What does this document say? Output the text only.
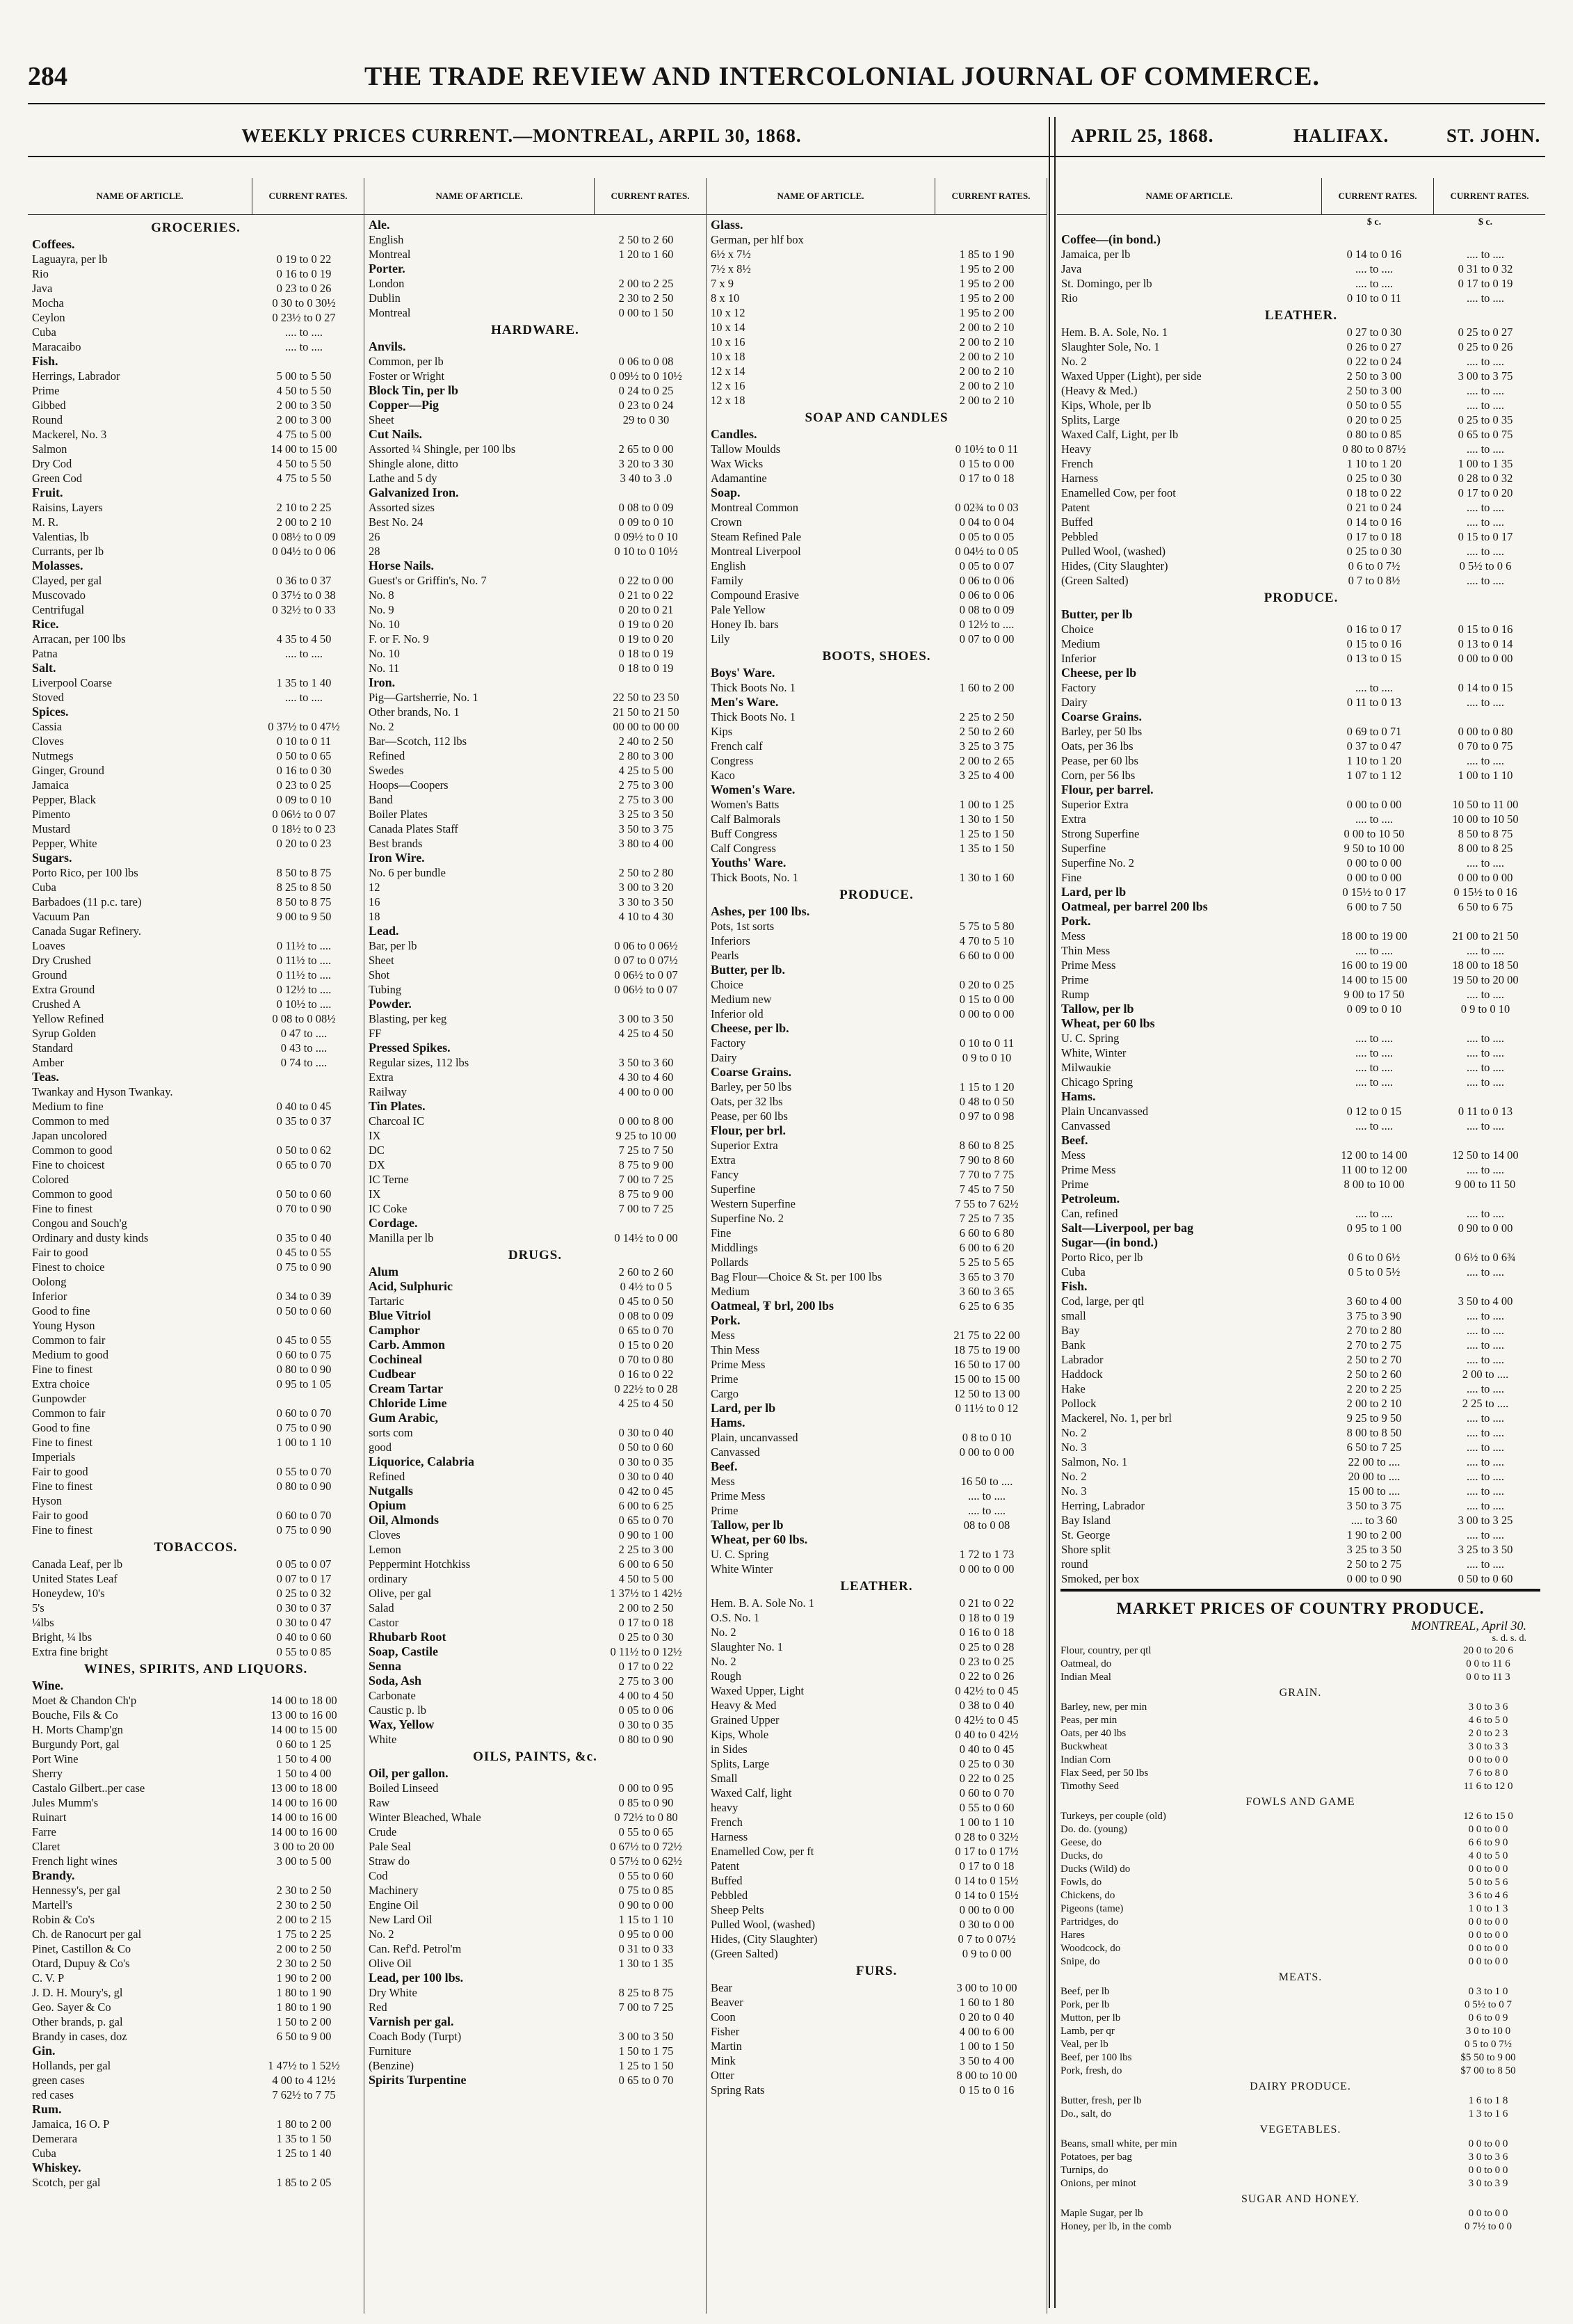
284	THE TRADE REVIEW AND INTERCOLONIAL JOURNAL OF COMMERCE.
WEEKLY PRICES CURRENT.—MONTREAL, ARPIL 30, 1868.	APRIL 25, 1868.	HALIFAX.	ST. JOHN.
NAME OF ARTICLE.	CURRENT RATES.
GROCERIES.
Coffees.
Laguayra, per lb	0 19 to 0 22
Rio	0 16 to 0 19
Java	0 23 to 0 26
Mocha	0 30 to 0 30½
Ceylon	0 23½ to 0 27
Cuba	.... to ....
Maracaibo	.... to ....
Fish.
Herrings, Labrador	5 00 to 5 50
Prime	4 50 to 5 50
Gibbed	2 00 to 3 50
Round	2 00 to 3 00
Mackerel, No. 3	4 75 to 5 00
Salmon	14 00 to 15 00
Dry Cod	4 50 to 5 50
Green Cod	4 75 to 5 50
Fruit.
Raisins, Layers	2 10 to 2 25
M. R.	2 00 to 2 10
Valentias, lb	0 08½ to 0 09
Currants, per lb	0 04½ to 0 06
Molasses.
Clayed, per gal	0 36 to 0 37
Muscovado	0 37½ to 0 38
Centrifugal	0 32½ to 0 33
Rice.
Arracan, per 100 lbs	4 35 to 4 50
Patna	.... to ....
Salt.
Liverpool Coarse	1 35 to 1 40
Stoved	.... to ....
Spices.
Cassia	0 37½ to 0 47½
Cloves	0 10 to 0 11
Nutmegs	0 50 to 0 65
Ginger, Ground	0 16 to 0 30
Jamaica	0 23 to 0 25
Pepper, Black	0 09 to 0 10
Pimento	0 06½ to 0 07
Mustard	0 18½ to 0 23
Pepper, White	0 20 to 0 23
Sugars.
Porto Rico, per 100 lbs	8 50 to 8 75
Cuba	8 25 to 8 50
Barbadoes (11 p.c. tare)	8 50 to 8 75
Vacuum Pan	9 00 to 9 50
Canada Sugar Refinery.
Loaves	0 11½ to ....
Dry Crushed	0 11½ to ....
Ground	0 11½ to ....
Extra Ground	0 12½ to ....
Crushed A	0 10½ to ....
Yellow Refined	0 08 to 0 08½
Syrup Golden	0 47 to ....
Standard	0 43 to ....
Amber	0 74 to ....
Teas.
Twankay and Hyson Twankay.
Medium to fine	0 40 to 0 45
Common to med	0 35 to 0 37
Japan uncolored
Common to good	0 50 to 0 62
Fine to choicest	0 65 to 0 70
Colored
Common to good	0 50 to 0 60
Fine to finest	0 70 to 0 90
Congou and Souch'g
Ordinary and dusty kinds	0 35 to 0 40
Fair to good	0 45 to 0 55
Finest to choice	0 75 to 0 90
Oolong
Inferior	0 34 to 0 39
Good to fine	0 50 to 0 60
Young Hyson
Common to fair	0 45 to 0 55
Medium to good	0 60 to 0 75
Fine to finest	0 80 to 0 90
Extra choice	0 95 to 1 05
Gunpowder
Common to fair	0 60 to 0 70
Good to fine	0 75 to 0 90
Fine to finest	1 00 to 1 10
Imperials
Fair to good	0 55 to 0 70
Fine to finest	0 80 to 0 90
Hyson
Fair to good	0 60 to 0 70
Fine to finest	0 75 to 0 90
TOBACCOS.
Canada Leaf, per lb	0 05 to 0 07
United States Leaf	0 07 to 0 17
Honeydew, 10's	0 25 to 0 32
5's	0 30 to 0 37
¼lbs	0 30 to 0 47
Bright, ¼ lbs	0 40 to 0 60
Extra fine bright	0 55 to 0 85
WINES, SPIRITS, AND LIQUORS.
Wine.
Moet & Chandon Ch'p	14 00 to 18 00
Bouche, Fils & Co	13 00 to 16 00
H. Morts Champ'gn	14 00 to 15 00
Burgundy Port, gal	0 60 to 1 25
Port Wine	1 50 to 4 00
Sherry	1 50 to 4 00
Castalo Gilbert..per case	13 00 to 18 00
Jules Mumm's	14 00 to 16 00
Ruinart	14 00 to 16 00
Farre	14 00 to 16 00
Claret	3 00 to 20 00
French light wines	3 00 to 5 00
Brandy.
Hennessy's, per gal	2 30 to 2 50
Martell's	2 30 to 2 50
Robin & Co's	2 00 to 2 15
Ch. de Ranocurt per gal	1 75 to 2 25
Pinet, Castillon & Co	2 00 to 2 50
Otard, Dupuy & Co's	2 30 to 2 50
C. V. P	1 90 to 2 00
J. D. H. Moury's, gl	1 80 to 1 90
Geo. Sayer & Co	1 80 to 1 90
Other brands, p. gal	1 50 to 2 00
Brandy in cases, doz	6 50 to 9 00
Gin.
Hollands, per gal	1 47½ to 1 52½
green cases	4 00 to 4 12½
red cases	7 62½ to 7 75
Rum.
Jamaica, 16 O. P	1 80 to 2 00
Demerara	1 35 to 1 50
Cuba	1 25 to 1 40
Whiskey.
Scotch, per gal	1 85 to 2 05
NAME OF ARTICLE.	CURRENT RATES.
Ale.
English	2 50 to 2 60
Montreal	1 20 to 1 60
Porter.
London	2 00 to 2 25
Dublin	2 30 to 2 50
Montreal	0 00 to 1 50
HARDWARE.
Anvils.
Common, per lb	0 06 to 0 08
Foster or Wright	0 09½ to 0 10½
Block Tin, per lb	0 24 to 0 25
Copper—Pig	0 23 to 0 24
Sheet	29 to 0 30
Cut Nails.
Assorted ¼ Shingle, per 100 lbs	2 65 to 0 00
Shingle alone, ditto	3 20 to 3 30
Lathe and 5 dy	3 40 to 3 .0
Galvanized Iron.
Assorted sizes	0 08 to 0 09
Best No. 24	0 09 to 0 10
26	0 09½ to 0 10
28	0 10 to 0 10½
Horse Nails.
Guest's or Griffin's, No. 7	0 22 to 0 00
No. 8	0 21 to 0 22
No. 9	0 20 to 0 21
No. 10	0 19 to 0 20
F. or F. No. 9	0 19 to 0 20
No. 10	0 18 to 0 19
No. 11	0 18 to 0 19
Iron.
Pig—Gartsherrie, No. 1	22 50 to 23 50
Other brands, No. 1	21 50 to 21 50
No. 2	00 00 to 00 00
Bar—Scotch, 112 lbs	2 40 to 2 50
Refined	2 80 to 3 00
Swedes	4 25 to 5 00
Hoops—Coopers	2 75 to 3 00
Band	2 75 to 3 00
Boiler Plates	3 25 to 3 50
Canada Plates Staff	3 50 to 3 75
Best brands	3 80 to 4 00
Iron Wire.
No. 6 per bundle	2 50 to 2 80
12	3 00 to 3 20
16	3 30 to 3 50
18	4 10 to 4 30
Lead.
Bar, per lb	0 06 to 0 06½
Sheet	0 07 to 0 07½
Shot	0 06½ to 0 07
Tubing	0 06½ to 0 07
Powder.
Blasting, per keg	3 00 to 3 50
FF	4 25 to 4 50
Pressed Spikes.
Regular sizes, 112 lbs	3 50 to 3 60
Extra	4 30 to 4 60
Railway	4 00 to 0 00
Tin Plates.
Charcoal IC	0 00 to 8 00
IX	9 25 to 10 00
DC	7 25 to 7 50
DX	8 75 to 9 00
IC Terne	7 00 to 7 25
IX	8 75 to 9 00
IC Coke	7 00 to 7 25
Cordage.
Manilla per lb	0 14½ to 0 00
DRUGS.
Alum	2 60 to 2 60
Acid, Sulphuric	0 4½ to 0 5
Tartaric	0 45 to 0 50
Blue Vitriol	0 08 to 0 09
Camphor	0 65 to 0 70
Carb. Ammon	0 15 to 0 20
Cochineal	0 70 to 0 80
Cudbear	0 16 to 0 22
Cream Tartar	0 22½ to 0 28
Chloride Lime	4 25 to 4 50
Gum Arabic,
sorts com	0 30 to 0 40
good	0 50 to 0 60
Liquorice, Calabria	0 30 to 0 35
Refined	0 30 to 0 40
Nutgalls	0 42 to 0 45
Opium	6 00 to 6 25
Oil, Almonds	0 65 to 0 70
Cloves	0 90 to 1 00
Lemon	2 25 to 3 00
Peppermint Hotchkiss	6 00 to 6 50
ordinary	4 50 to 5 00
Olive, per gal	1 37½ to 1 42½
Salad	2 00 to 2 50
Castor	0 17 to 0 18
Rhubarb Root	0 25 to 0 30
Soap, Castile	0 11½ to 0 12½
Senna	0 17 to 0 22
Soda, Ash	2 75 to 3 00
Carbonate	4 00 to 4 50
Caustic p. lb	0 05 to 0 06
Wax, Yellow	0 30 to 0 35
White	0 80 to 0 90
OILS, PAINTS, &c.
Oil, per gallon.
Boiled Linseed	0 00 to 0 95
Raw	0 85 to 0 90
Winter Bleached, Whale	0 72½ to 0 80
Crude	0 55 to 0 65
Pale Seal	0 67½ to 0 72½
Straw do	0 57½ to 0 62½
Cod	0 55 to 0 60
Machinery	0 75 to 0 85
Engine Oil	0 90 to 0 00
New Lard Oil	1 15 to 1 10
No. 2	0 95 to 0 00
Can. Ref'd. Petrol'm	0 31 to 0 33
Olive Oil	1 30 to 1 35
Lead, per 100 lbs.
Dry White	8 25 to 8 75
Red	7 00 to 7 25
Varnish per gal.
Coach Body (Turpt)	3 00 to 3 50
Furniture	1 50 to 1 75
(Benzine)	1 25 to 1 50
Spirits Turpentine	0 65 to 0 70
NAME OF ARTICLE.	CURRENT RATES.
Glass.
German, per hlf box
6½ x 7½	1 85 to 1 90
7½ x 8½	1 95 to 2 00
7 x 9	1 95 to 2 00
8 x 10	1 95 to 2 00
10 x 12	1 95 to 2 00
10 x 14	2 00 to 2 10
10 x 16	2 00 to 2 10
10 x 18	2 00 to 2 10
12 x 14	2 00 to 2 10
12 x 16	2 00 to 2 10
12 x 18	2 00 to 2 10
SOAP AND CANDLES
Candles.
Tallow Moulds	0 10½ to 0 11
Wax Wicks	0 15 to 0 00
Adamantine	0 17 to 0 18
Soap.
Montreal Common	0 02¾ to 0 03
Crown	0 04 to 0 04
Steam Refined Pale	0 05 to 0 05
Montreal Liverpool	0 04½ to 0 05
English	0 05 to 0 07
Family	0 06 to 0 06
Compound Erasive	0 06 to 0 06
Pale Yellow	0 08 to 0 09
Honey Ib. bars	0 12½ to ....
Lily	0 07 to 0 00
BOOTS, SHOES.
Boys' Ware.
Thick Boots No. 1	1 60 to 2 00
Men's Ware.
Thick Boots No. 1	2 25 to 2 50
Kips	2 50 to 2 60
French calf	3 25 to 3 75
Congress	2 00 to 2 65
Kaco	3 25 to 4 00
Women's Ware.
Women's Batts	1 00 to 1 25
Calf Balmorals	1 30 to 1 50
Buff Congress	1 25 to 1 50
Calf Congress	1 35 to 1 50
Youths' Ware.
Thick Boots, No. 1	1 30 to 1 60
PRODUCE.
Ashes, per 100 lbs.
Pots, 1st sorts	5 75 to 5 80
Inferiors	4 70 to 5 10
Pearls	6 60 to 0 00
Butter, per lb.
Choice	0 20 to 0 25
Medium new	0 15 to 0 00
Inferior old	0 00 to 0 00
Cheese, per lb.
Factory	0 10 to 0 11
Dairy	0 9 to 0 10
Coarse Grains.
Barley, per 50 lbs	1 15 to 1 20
Oats, per 32 lbs	0 48 to 0 50
Pease, per 60 lbs	0 97 to 0 98
Flour, per brl.
Superior Extra	8 60 to 8 25
Extra	7 90 to 8 60
Fancy	7 70 to 7 75
Superfine	7 45 to 7 50
Western Superfine	7 55 to 7 62½
Superfine No. 2	7 25 to 7 35
Fine	6 60 to 6 80
Middlings	6 00 to 6 20
Pollards	5 25 to 5 65
Bag Flour—Choice & St. per 100 lbs	3 65 to 3 70
Medium	3 60 to 3 65
Oatmeal, ₮ brl, 200 lbs	6 25 to 6 35
Pork.
Mess	21 75 to 22 00
Thin Mess	18 75 to 19 00
Prime Mess	16 50 to 17 00
Prime	15 00 to 15 00
Cargo	12 50 to 13 00
Lard, per lb	0 11½ to 0 12
Hams.
Plain, uncanvassed	0 8 to 0 10
Canvassed	0 00 to 0 00
Beef.
Mess	16 50 to ....
Prime Mess	.... to ....
Prime	.... to ....
Tallow, per lb	08 to 0 08
Wheat, per 60 lbs.
U. C. Spring	1 72 to 1 73
White Winter	0 00 to 0 00
LEATHER.
Hem. B. A. Sole No. 1	0 21 to 0 22
O.S. No. 1	0 18 to 0 19
No. 2	0 16 to 0 18
Slaughter No. 1	0 25 to 0 28
No. 2	0 23 to 0 25
Rough	0 22 to 0 26
Waxed Upper, Light	0 42½ to 0 45
Heavy & Med	0 38 to 0 40
Grained Upper	0 42½ to 0 45
Kips, Whole	0 40 to 0 42½
in Sides	0 40 to 0 45
Splits, Large	0 25 to 0 30
Small	0 22 to 0 25
Waxed Calf, light	0 60 to 0 70
heavy	0 55 to 0 60
French	1 00 to 1 10
Harness	0 28 to 0 32½
Enamelled Cow, per ft	0 17 to 0 17½
Patent	0 17 to 0 18
Buffed	0 14 to 0 15½
Pebbled	0 14 to 0 15½
Sheep Pelts	0 00 to 0 00
Pulled Wool, (washed)	0 30 to 0 00
Hides, (City Slaughter)	0 7 to 0 07½
(Green Salted)	0 9 to 0 00
FURS.
Bear	3 00 to 10 00
Beaver	1 60 to 1 80
Coon	0 20 to 0 40
Fisher	4 00 to 6 00
Martin	1 00 to 1 50
Mink	3 50 to 4 00
Otter	8 00 to 10 00
Spring Rats	0 15 to 0 16
NAME OF ARTICLE.	CURRENT RATES.	CURRENT RATES.
$ c.	$ c.
Coffee—(in bond.)
Jamaica, per lb	0 14 to 0 16	.... to ....
Java	.... to ....	0 31 to 0 32
St. Domingo, per lb	.... to ....	0 17 to 0 19
Rio	0 10 to 0 11	.... to ....
LEATHER.
Hem. B. A. Sole, No. 1	0 27 to 0 30	0 25 to 0 27
Slaughter Sole, No. 1	0 26 to 0 27	0 25 to 0 26
No. 2	0 22 to 0 24	.... to ....
Waxed Upper (Light), per side	2 50 to 3 00	3 00 to 3 75
(Heavy & Med.)	2 50 to 3 00	.... to ....
Kips, Whole, per lb	0 50 to 0 55	.... to ....
Splits, Large	0 20 to 0 25	0 25 to 0 35
Waxed Calf, Light, per lb	0 80 to 0 85	0 65 to 0 75
Heavy	0 80 to 0 87½	.... to ....
French	1 10 to 1 20	1 00 to 1 35
Harness	0 25 to 0 30	0 28 to 0 32
Enamelled Cow, per foot	0 18 to 0 22	0 17 to 0 20
Patent	0 21 to 0 24	.... to ....
Buffed	0 14 to 0 16	.... to ....
Pebbled	0 17 to 0 18	0 15 to 0 17
Pulled Wool, (washed)	0 25 to 0 30	.... to ....
Hides, (City Slaughter)	0 6 to 0 7½	0 5½ to 0 6
(Green Salted)	0 7 to 0 8½	.... to ....
PRODUCE.
Butter, per lb
Choice	0 16 to 0 17	0 15 to 0 16
Medium	0 15 to 0 16	0 13 to 0 14
Inferior	0 13 to 0 15	0 00 to 0 00
Cheese, per lb
Factory	.... to ....	0 14 to 0 15
Dairy	0 11 to 0 13	.... to ....
Coarse Grains.
Barley, per 50 lbs	0 69 to 0 71	0 00 to 0 80
Oats, per 36 lbs	0 37 to 0 47	0 70 to 0 75
Pease, per 60 lbs	1 10 to 1 20	.... to ....
Corn, per 56 lbs	1 07 to 1 12	1 00 to 1 10
Flour, per barrel.
Superior Extra	0 00 to 0 00	10 50 to 11 00
Extra	.... to ....	10 00 to 10 50
Strong Superfine	0 00 to 10 50	8 50 to 8 75
Superfine	9 50 to 10 00	8 00 to 8 25
Superfine No. 2	0 00 to 0 00	.... to ....
Fine	0 00 to 0 00	0 00 to 0 00
Lard, per lb	0 15½ to 0 17	0 15½ to 0 16
Oatmeal, per barrel 200 lbs	6 00 to 7 50	6 50 to 6 75
Pork.
Mess	18 00 to 19 00	21 00 to 21 50
Thin Mess	.... to ....	.... to ....
Prime Mess	16 00 to 19 00	18 00 to 18 50
Prime	14 00 to 15 00	19 50 to 20 00
Rump	9 00 to 17 50	.... to ....
Tallow, per lb	0 09 to 0 10	0 9 to 0 10
Wheat, per 60 lbs
U. C. Spring	.... to ....	.... to ....
White, Winter	.... to ....	.... to ....
Milwaukie	.... to ....	.... to ....
Chicago Spring	.... to ....	.... to ....
Hams.
Plain Uncanvassed	0 12 to 0 15	0 11 to 0 13
Canvassed	.... to ....	.... to ....
Beef.
Mess	12 00 to 14 00	12 50 to 14 00
Prime Mess	11 00 to 12 00	.... to ....
Prime	8 00 to 10 00	9 00 to 11 50
Petroleum.
Can, refined	.... to ....	.... to ....
Salt—Liverpool, per bag	0 95 to 1 00	0 90 to 0 00
Sugar—(in bond.)
Porto Rico, per lb	0 6 to 0 6½	0 6½ to 0 6¾
Cuba	0 5 to 0 5½	.... to ....
Fish.
Cod, large, per qtl	3 60 to 4 00	3 50 to 4 00
small	3 75 to 3 90	.... to ....
Bay	2 70 to 2 80	.... to ....
Bank	2 70 to 2 75	.... to ....
Labrador	2 50 to 2 70	.... to ....
Haddock	2 50 to 2 60	2 00 to ....
Hake	2 20 to 2 25	.... to ....
Pollock	2 00 to 2 10	2 25 to ....
Mackerel, No. 1, per brl	9 25 to 9 50	.... to ....
No. 2	8 00 to 8 50	.... to ....
No. 3	6 50 to 7 25	.... to ....
Salmon, No. 1	22 00 to ....	.... to ....
No. 2	20 00 to ....	.... to ....
No. 3	15 00 to ....	.... to ....
Herring, Labrador	3 50 to 3 75	.... to ....
Bay Island	.... to 3 60	3 00 to 3 25
St. George	1 90 to 2 00	.... to ....
Shore split	3 25 to 3 50	3 25 to 3 50
round	2 50 to 2 75	.... to ....
Smoked, per box	0 00 to 0 90	0 50 to 0 60
MARKET PRICES OF COUNTRY PRODUCE.
MONTREAL, April 30.
s. d. s. d.
Flour, country, per qtl	20 0 to 20 6
Oatmeal, do	0 0 to 11 6
Indian Meal	0 0 to 11 3
GRAIN.
Barley, new, per min	3 0 to 3 6
Peas, per min	4 6 to 5 0
Oats, per 40 lbs	2 0 to 2 3
Buckwheat	3 0 to 3 3
Indian Corn	0 0 to 0 0
Flax Seed, per 50 lbs	7 6 to 8 0
Timothy Seed	11 6 to 12 0
FOWLS AND GAME
Turkeys, per couple (old)	12 6 to 15 0
Do. do. (young)	0 0 to 0 0
Geese, do	6 6 to 9 0
Ducks, do	4 0 to 5 0
Ducks (Wild) do	0 0 to 0 0
Fowls, do	5 0 to 5 6
Chickens, do	3 6 to 4 6
Pigeons (tame)	1 0 to 1 3
Partridges, do	0 0 to 0 0
Hares	0 0 to 0 0
Woodcock, do	0 0 to 0 0
Snipe, do	0 0 to 0 0
MEATS.
Beef, per lb	0 3 to 1 0
Pork, per lb	0 5½ to 0 7
Mutton, per lb	0 6 to 0 9
Lamb, per qr	3 0 to 10 0
Veal, per lb	0 5 to 0 7½
Beef, per 100 lbs	$5 50 to 9 00
Pork, fresh, do	$7 00 to 8 50
DAIRY PRODUCE.
Butter, fresh, per lb	1 6 to 1 8
Do., salt, do	1 3 to 1 6
VEGETABLES.
Beans, small white, per min	0 0 to 0 0
Potatoes, per bag	3 0 to 3 6
Turnips, do	0 0 to 0 0
Onions, per minot	3 0 to 3 9
SUGAR AND HONEY.
Maple Sugar, per lb	0 0 to 0 0
Honey, per lb, in the comb	0 7½ to 0 0
